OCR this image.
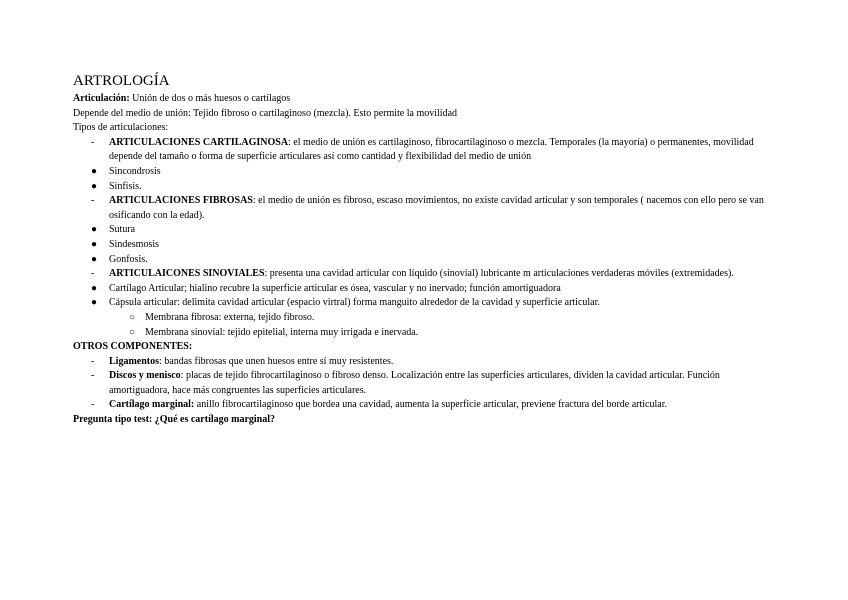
ARTROLOGÍA

Articulación: Unión de dos o más huesos o cartílagos

Depende del medio de unión: Tejido fibroso o cartilaginoso (mezcla). Esto permite la movilidad

Tipos de articulaciones:

- ARTICULACIONES CARTILAGINOSA: el medio de unión es cartilaginoso, fibrocartilaginoso o mezcla. Temporales (la mayoría) o permanentes, movilidad depende del tamaño o forma de superficie articulares así como cantidad y flexibilidad del medio de unión

● Sincondrosis

● Sínfisis.

- ARTICULACIONES FIBROSAS: el medio de unión es fibroso, escaso movimientos, no existe cavidad articular y son temporales ( nacemos con ello pero se van osificando con la edad).

● Sutura

● Sindesmosis

● Gonfosis.

- ARTICULAICONES SINOVIALES: presenta una cavidad articular con líquido (sinovial) lubricante m articulaciones verdaderas móviles (extremidades).

● Cartílago Articular; hialino recubre la superficie articular es ósea, vascular y no inervado; función amortiguadora

● Cápsula articular: delimita cavidad articular (espacio virtral) forma manguito alrededor de la cavidad y superficie articular.

○ Membrana fibrosa: externa, tejido fibroso.

○ Membrana sinovial: tejido epitelial, interna muy irrigada e inervada.

OTROS COMPONENTES:

- Ligamentos: bandas fibrosas que unen huesos entre sí muy resistentes.

- Discos y menisco: placas de tejido fibrocartilaginoso o fibroso denso. Localización entre las superficies articulares, dividen la cavidad articular. Función amortiguadora, hace más congruentes las superficies articulares.

- Cartílago marginal: anillo fibrocartilaginoso que bordea una cavidad, aumenta la superficie articular, previene fractura del borde articular.

Pregunta tipo test: ¿Qué es cartílago marginal?
